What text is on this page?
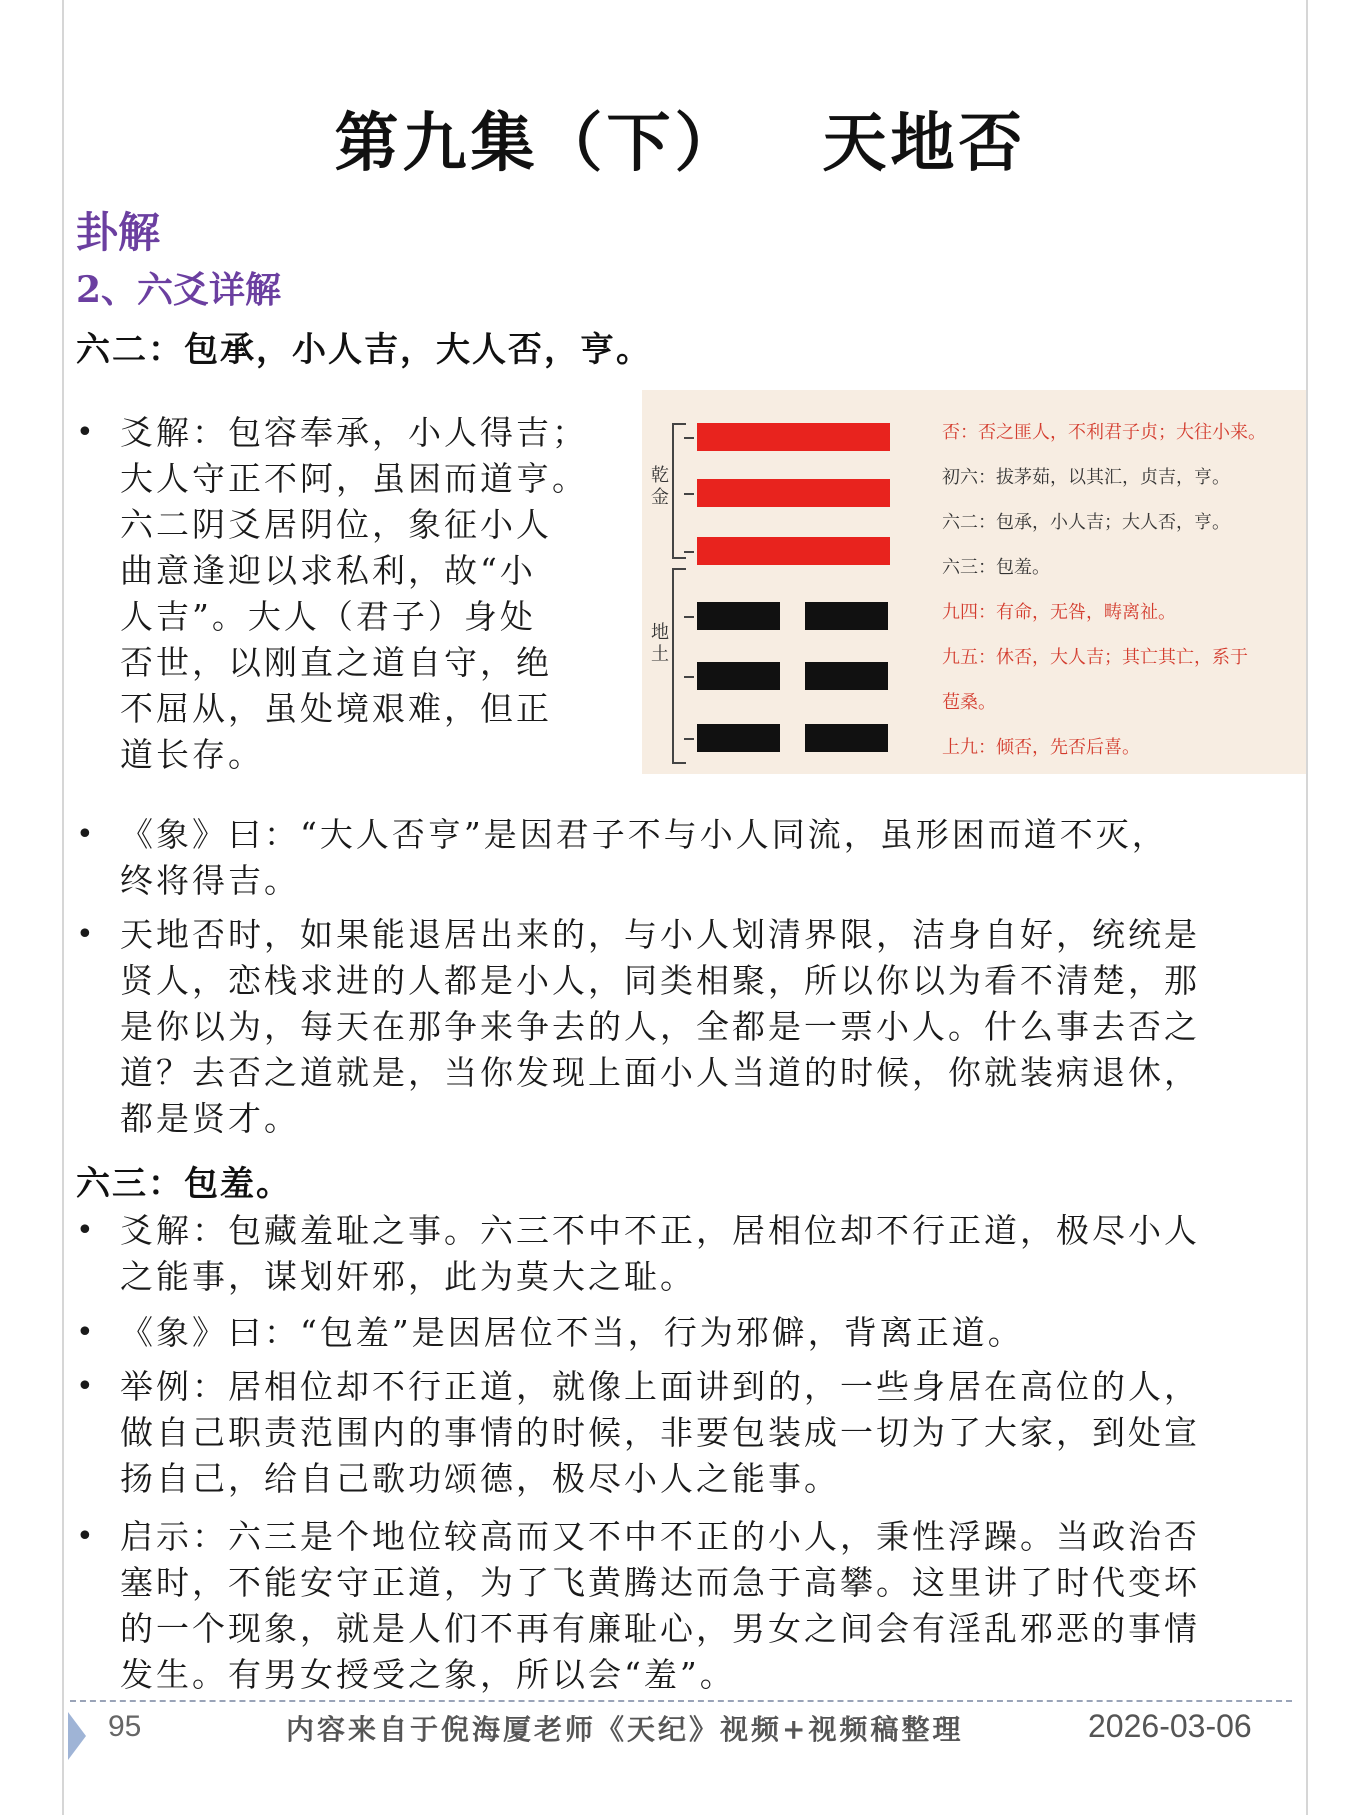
第九集（下） 天地否
卦解
2、六爻详解
六二：包承，小人吉，大人否，亨。
• 爻解：包容奉承，小人得吉；
大人守正不阿，虽困而道亨。
六二阴爻居阴位，象征小人
曲意逢迎以求私利，故“小
人吉”。大人（君子）身处
否世，以刚直之道自守，绝
不屈从，虽处境艰难，但正
道长存。
乾金
地土
否：否之匪人，不利君子贞；大往小来。
初六：拔茅茹，以其汇，贞吉，亨。
六二：包承，小人吉；大人否，亨。
六三：包羞。
九四：有命，无咎，畴离祉。
九五：休否，大人吉；其亡其亡，系于
苞桑。
上九：倾否，先否后喜。
• 《象》曰：“大人否亨”是因君子不与小人同流，虽形困而道不灭，
终将得吉。
• 天地否时，如果能退居出来的，与小人划清界限，洁身自好，统统是
贤人，恋栈求进的人都是小人，同类相聚，所以你以为看不清楚，那
是你以为，每天在那争来争去的人，全都是一票小人。什么事去否之
道？去否之道就是，当你发现上面小人当道的时候，你就装病退休，
都是贤才。
六三：包羞。
• 爻解：包藏羞耻之事。六三不中不正，居相位却不行正道，极尽小人
之能事，谋划奸邪，此为莫大之耻。
• 《象》曰：“包羞”是因居位不当，行为邪僻，背离正道。
• 举例：居相位却不行正道，就像上面讲到的，一些身居在高位的人，
做自己职责范围内的事情的时候，非要包装成一切为了大家，到处宣
扬自己，给自己歌功颂德，极尽小人之能事。
• 启示：六三是个地位较高而又不中不正的小人，秉性浮躁。当政治否
塞时，不能安守正道，为了飞黄腾达而急于高攀。这里讲了时代变坏
的一个现象，就是人们不再有廉耻心，男女之间会有淫乱邪恶的事情
发生。有男女授受之象，所以会“羞”。
95	内容来自于倪海厦老师《天纪》视频+视频稿整理	2026-03-06
